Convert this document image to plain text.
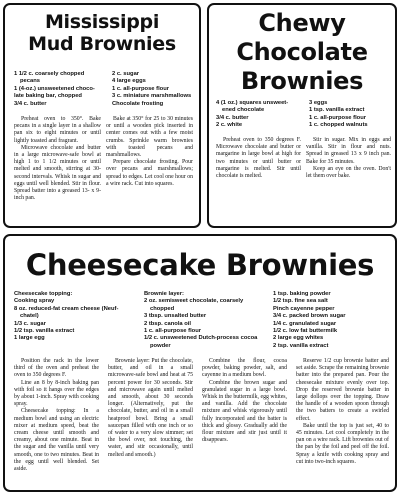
Mississippi
Mud Brownies
1 1/2 c. coarsely chopped
pecans
1 (4-oz.) unsweetened choco-
late baking bar, chopped
3/4 c. butter
2 c. sugar
4 large eggs
1 c. all-purpose flour
3 c. miniature marshmallows
Chocolate frosting

Preheat oven to 350°. Bake pecans in a single layer in a shallow pan six to eight minutes or until lightly toasted and fragrant.

Microwave chocolate and butter in a large microwave-safe bowl at high 1 to 1 1/2 minutes or until melted and smooth, stirring at 30-second intervals. Whisk in sugar and eggs until well blended. Stir in flour. Spread batter into a greased 13- x 9-inch pan.

Bake at 350° for 25 to 30 minutes or until a wooden pick inserted in center comes out with a few moist crumbs. Sprinkle warm brownies with toasted pecans and marshmallows.

Prepare chocolate frosting. Pour over pecans and marshmallows; spread to edges. Let cool one hour on a wire rack. Cut into squares.

Chewy
Chocolate
Brownies
4 (1 oz.) squares unsweet-
ened chocolate
3/4 c. butter
2 c. white
3 eggs
1 tsp. vanilla extract
1 c. all-purpose flour
1 c. chopped walnuts

Preheat oven to 350 degrees F. Microwave chocolate and butter or margarine in large bowl at high for two minutes or until butter or margarine is melted. Stir until chocolate is melted.

Stir in sugar. Mix in eggs and vanilla. Stir in flour and nuts. Spread in greased 13 x 9 inch pan. Bake for 35 minutes.

Keep an eye on the oven. Don't let them over bake.

Cheesecake Brownies
Cheesecake topping:
Cooking spray
8 oz. reduced-fat cream cheese (Neuf-
chatel)
1/3 c. sugar
1/2 tsp. vanilla extract
1 large egg
Brownie layer:
2 oz. semisweet chocolate, coarsely
chopped
3 tbsp. unsalted butter
2 tbsp. canola oil
1 c. all-purpose flour
1/2 c. unsweetened Dutch-process cocoa
powder
1 tsp. baking powder
1/2 tsp. fine sea salt
Pinch cayenne pepper
3/4 c. packed brown sugar
1/4 c. granulated sugar
1/2 c. low fat buttermilk
2 large egg whites
2 tsp. vanilla extract

Position the rack in the lower third of the oven and preheat the oven to 350 degrees F.

Line an 8 by 8-inch baking pan with foil so it hangs over the edges by about 1-inch. Spray with cooking spray.

Cheesecake topping: In a medium bowl and using an electric mixer at medium speed, beat the cream cheese until smooth and creamy, about one minute. Beat in the sugar and the vanilla until very smooth, one to two minutes. Beat in the egg until well blended. Set aside.

Brownie layer: Put the chocolate, butter, and oil in a small microwave-safe bowl and heat at 75 percent power for 30 seconds. Stir and microwave again until melted and smooth, about 30 seconds longer. (Alternatively, put the chocolate, butter, and oil in a small heatproof bowl. Bring a small saucepan filled with one inch or so of water to a very slow simmer; set the bowl over, not touching, the water, and stir occasionally, until melted and smooth.)

Combine the flour, cocoa powder, baking powder, salt, and cayenne in a medium bowl.

Combine the brown sugar and granulated sugar in a large bowl. Whisk in the buttermilk, egg whites, and vanilla. Add the chocolate mixture and whisk vigorously until fully incorporated and the batter is thick and glossy. Gradually add the flour mixture and stir just until it disappears.

Reserve 1/2 cup brownie batter and set aside. Scrape the remaining brownie batter into the prepared pan. Pour the cheesecake mixture evenly over top. Drop the reserved brownie batter in large dollops over the topping. Draw the handle of a wooden spoon through the two batters to create a swirled effect.

Bake until the top is just set, 40 to 45 minutes. Let cool completely in the pan on a wire rack. Lift brownies out of the pan by the foil and peel off the foil. Spray a knife with cooking spray and cut into two-inch squares.
